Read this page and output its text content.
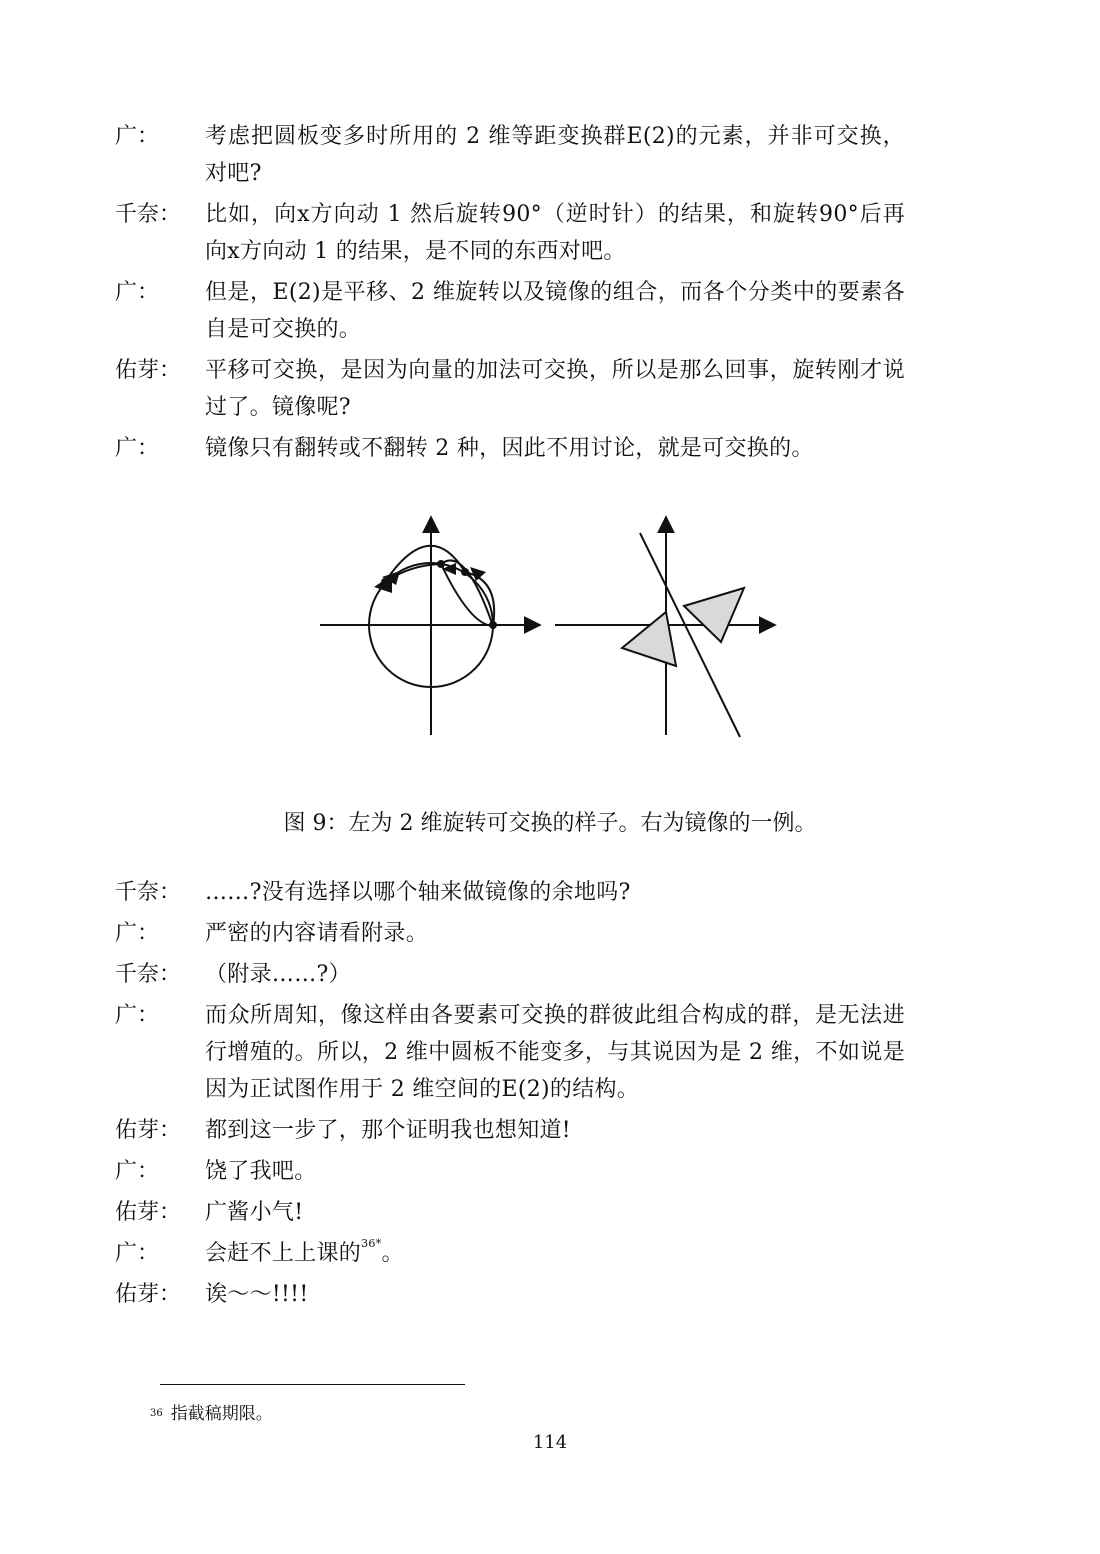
广：	考虑把圆板变多时所用的 2 维等距变换群E(2)的元素，并非可交换，对吧?
千奈：	比如，向x方向动 1 然后旋转90°（逆时针）的结果，和旋转90°后再向x方向动 1 的结果，是不同的东西对吧。
广：	但是，E(2)是平移、2 维旋转以及镜像的组合，而各个分类中的要素各自是可交换的。
佑芽：	平移可交换，是因为向量的加法可交换，所以是那么回事，旋转刚才说过了。镜像呢?
广：	镜像只有翻转或不翻转 2 种，因此不用讨论，就是可交换的。
图 9：左为 2 维旋转可交换的样子。右为镜像的一例。
千奈：	……?没有选择以哪个轴来做镜像的余地吗?
广：	严密的内容请看附录。
千奈：	（附录……?）
广：	而众所周知，像这样由各要素可交换的群彼此组合构成的群，是无法进行增殖的。所以，2 维中圆板不能变多，与其说因为是 2 维，不如说是因为正试图作用于 2 维空间的E(2)的结构。
佑芽：	都到这一步了，那个证明我也想知道!
广：	饶了我吧。
佑芽：	广酱小气!
广：	会赶不上上课的$^{36*}$。
佑芽：	诶～～!!!!
$^{36}$ 指截稿期限。
114
